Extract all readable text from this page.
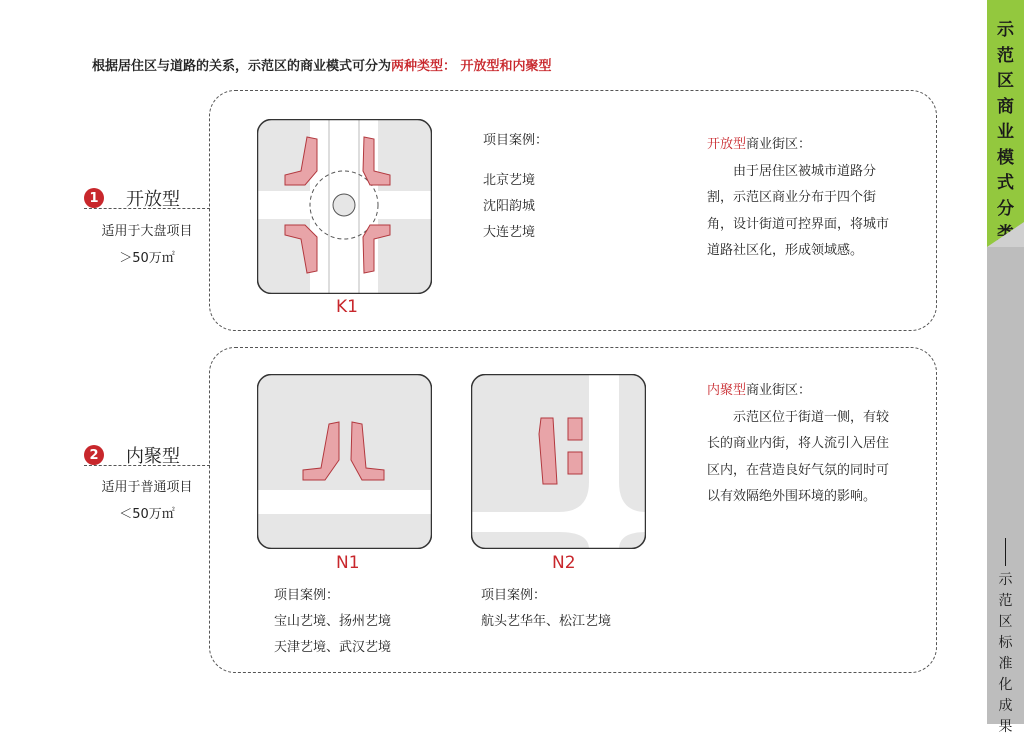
根据居住区与道路的关系，示范区的商业模式可分为两种类型： 开放型和内聚型
1	开放型
适用于大盘项目
＞50万㎡
K1
项目案例：
北京艺境
沈阳韵城
大连艺境
开放型商业街区：
由于居住区被城市道路分割，示范区商业分布于四个街角，设计街道可控界面，将城市道路社区化，形成领域感。
2	内聚型
适用于普通项目
＜50万㎡
N1	N2
项目案例：
宝山艺境、扬州艺境
天津艺境、武汉艺境
项目案例：
航头艺华年、松江艺境
内聚型商业街区：
示范区位于街道一侧，有较长的商业内街，将人流引入居住区内，在营造良好气氛的同时可以有效隔绝外围环境的影响。
示
范
区
商
业
模
式
分
类
示
范
区
标
准
化
成
果
